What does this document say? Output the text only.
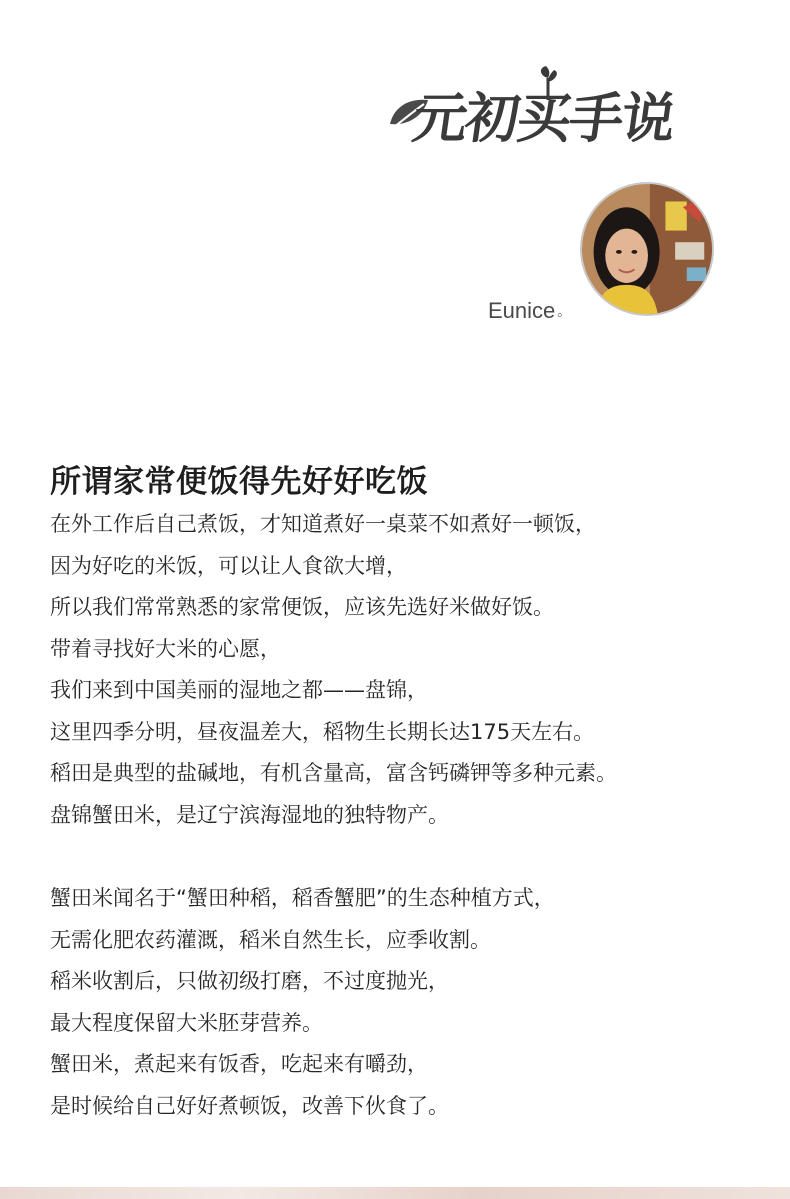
元初买手说
Eunice 。
所谓家常便饭得先好好吃饭
在外工作后自己煮饭，才知道煮好一桌菜不如煮好一顿饭，
因为好吃的米饭，可以让人食欲大增，
所以我们常常熟悉的家常便饭，应该先选好米做好饭。
带着寻找好大米的心愿，
我们来到中国美丽的湿地之都——盘锦，
这里四季分明，昼夜温差大，稻物生长期长达175天左右。
稻田是典型的盐碱地，有机含量高，富含钙磷钾等多种元素。
盘锦蟹田米，是辽宁滨海湿地的独特物产。
蟹田米闻名于“蟹田种稻，稻香蟹肥”的生态种植方式，
无需化肥农药灌溉，稻米自然生长，应季收割。
稻米收割后，只做初级打磨，不过度抛光，
最大程度保留大米胚芽营养。
蟹田米，煮起来有饭香，吃起来有嚼劲，
是时候给自己好好煮顿饭，改善下伙食了。
